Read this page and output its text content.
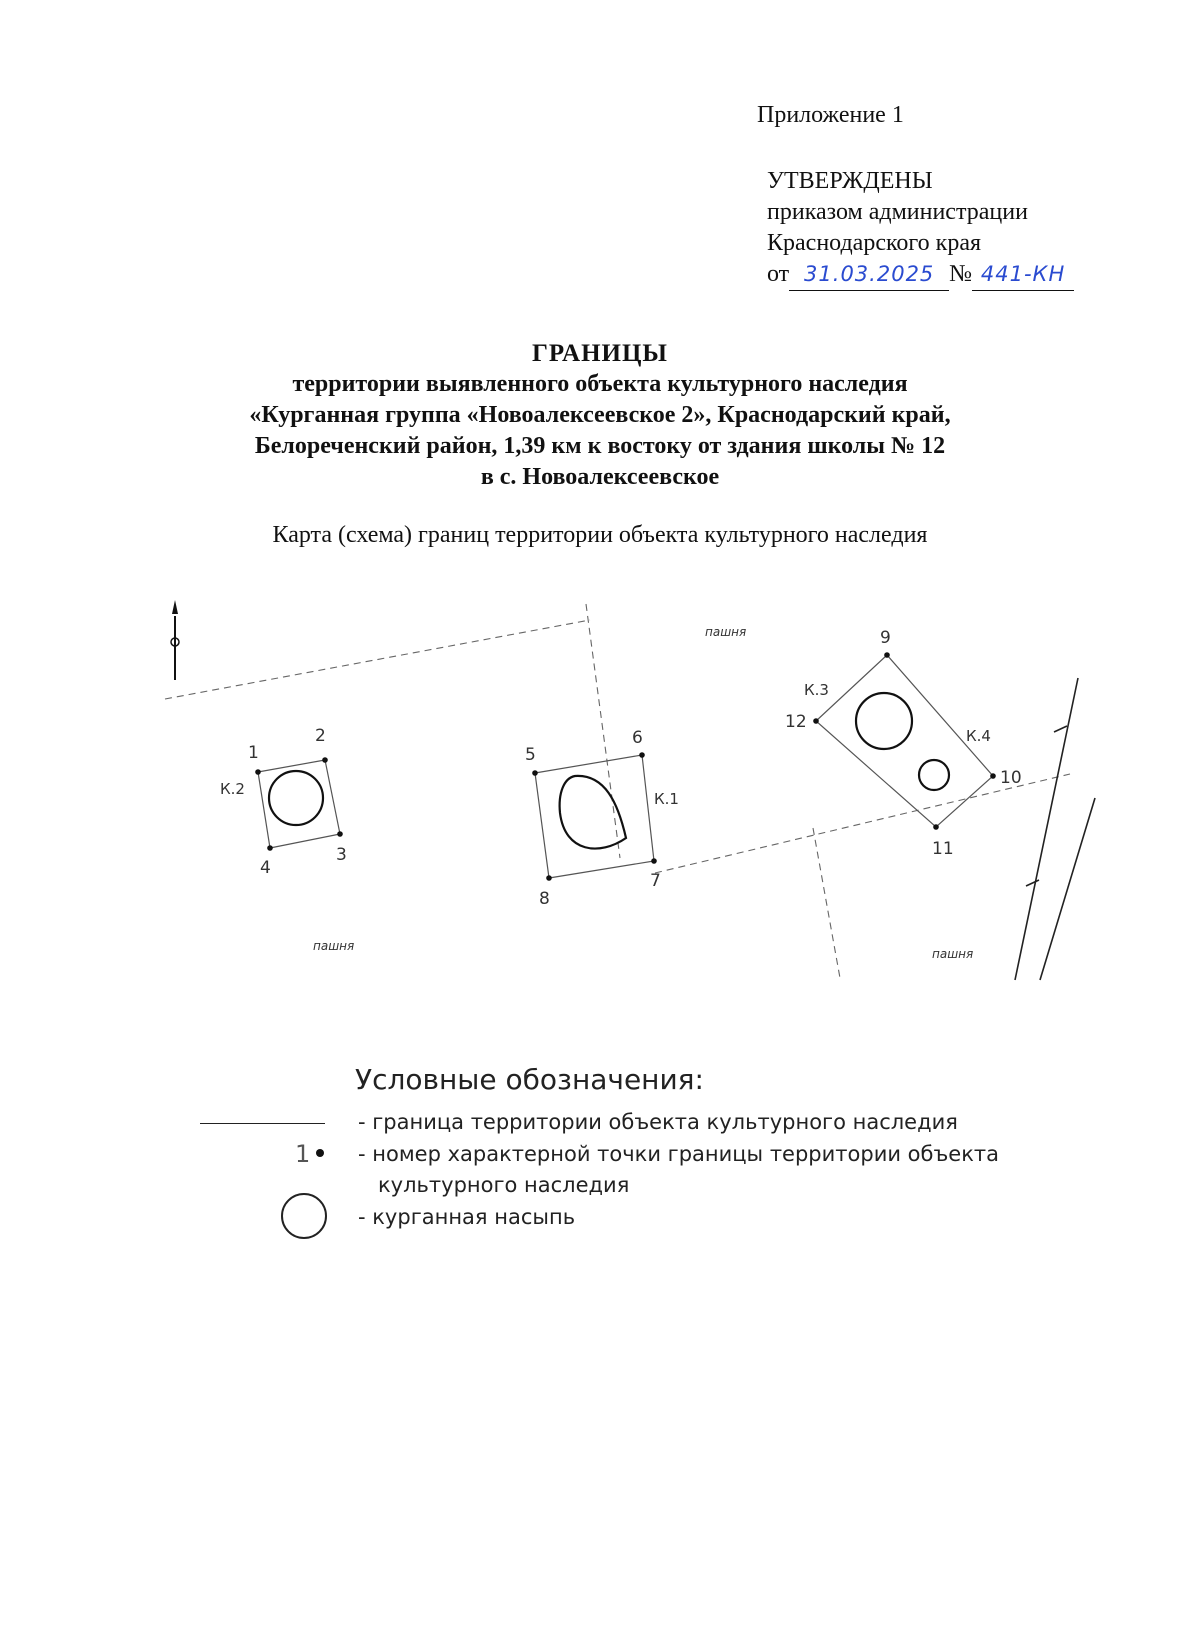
Приложение 1
УТВЕРЖДЕНЫ
приказом администрации
Краснодарского края
от 31.03.2025 № 441-КН
ГРАНИЦЫ
территории выявленного объекта культурного наследия
«Курганная группа «Новоалексеевское 2», Краснодарский край,
Белореченский район, 1,39 км к востоку от здания школы № 12
в с. Новоалексеевское
Карта (схема) границ территории объекта культурного наследия
пашня
пашня
пашня
1
2
3
4
5
6
7
8
9
10
11
12
К.1
К.2
К.3
К.4
Условные обозначения:
- граница территории объекта культурного наследия
1 - номер характерной точки границы территории объекта
культурного наследия
- курганная насыпь
